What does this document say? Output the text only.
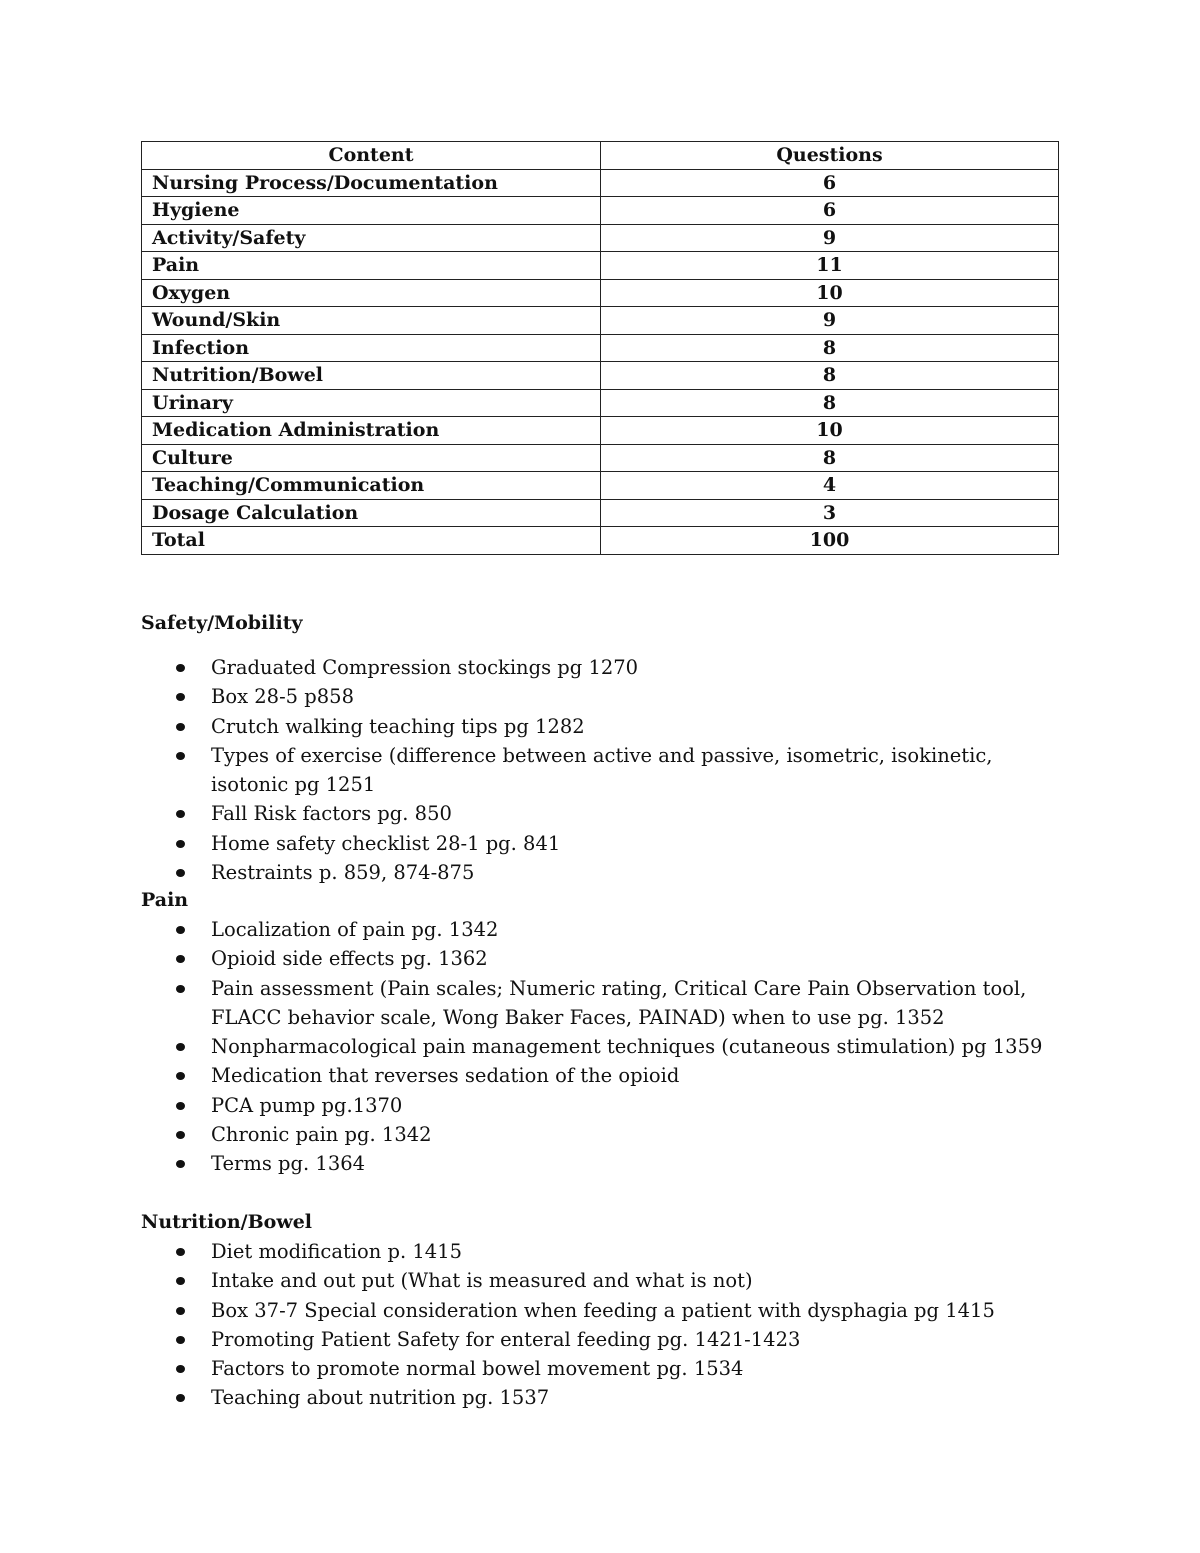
Content	Questions
Nursing Process/Documentation	6
Hygiene	6
Activity/Safety	9
Pain	11
Oxygen	10
Wound/Skin	9
Infection	8
Nutrition/Bowel	8
Urinary	8
Medication Administration	10
Culture	8
Teaching/Communication	4
Dosage Calculation	3
Total	100
Safety/Mobility
Graduated Compression stockings pg 1270
Box 28-5 p858
Crutch walking teaching tips pg 1282
Types of exercise (difference between active and passive, isometric, isokinetic, isotonic pg 1251
Fall Risk factors pg. 850
Home safety checklist 28-1 pg. 841
Restraints p. 859, 874-875
Pain
Localization of pain pg. 1342
Opioid side effects pg. 1362
Pain assessment (Pain scales; Numeric rating, Critical Care Pain Observation tool, FLACC behavior scale, Wong Baker Faces, PAINAD) when to use pg. 1352
Nonpharmacological pain management techniques (cutaneous stimulation) pg 1359
Medication that reverses sedation of the opioid
PCA pump pg.1370
Chronic pain pg. 1342
Terms pg. 1364
Nutrition/Bowel
Diet modification p. 1415
Intake and out put (What is measured and what is not)
Box 37-7 Special consideration when feeding a patient with dysphagia pg 1415
Promoting Patient Safety for enteral feeding pg. 1421-1423
Factors to promote normal bowel movement pg. 1534
Teaching about nutrition pg. 1537
